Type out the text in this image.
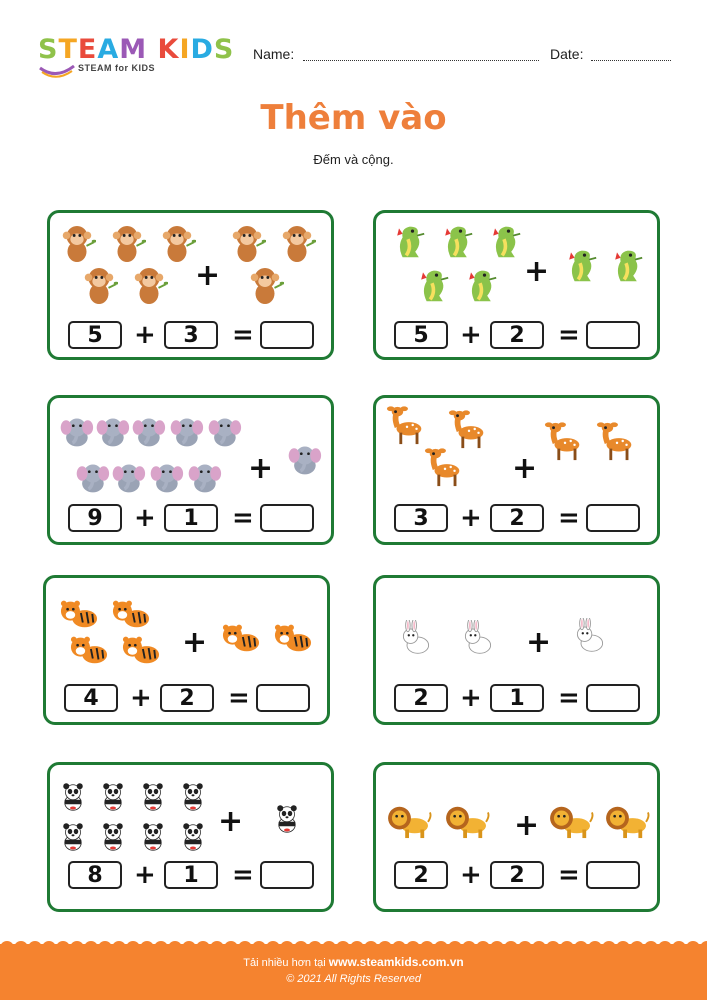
STEAM KIDS
STEAM for KIDS
Name:	Date:
Thêm vào
Đếm và cộng.
+
5	+	3	=
+
5	+	2	=
+
9	+	1	=
+
3	+	2	=
+
4	+	2	=
+
2	+	1	=
+
8	+	1	=
+
2	+	2	=
Tải nhiều hơn tại www.steamkids.com.vn
© 2021 All Rights Reserved
